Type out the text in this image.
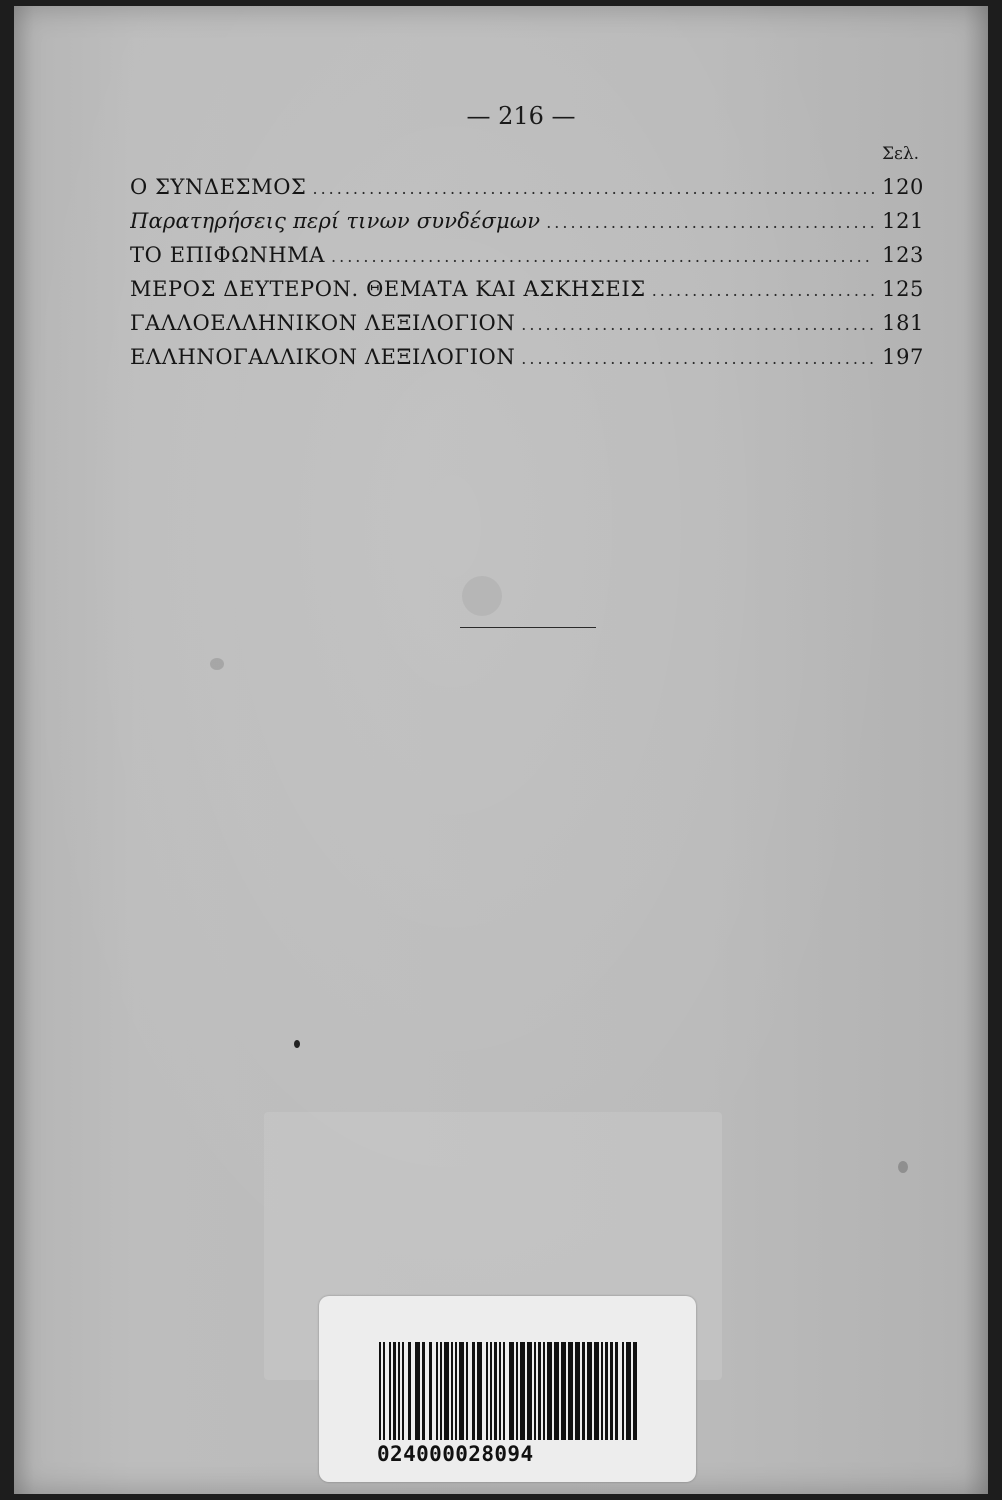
— 216 —
Σελ.
Ο ΣΥΝΔΕΣΜΟΣ .....	120
Παρατηρήσεις περί τινων συνδέσμων .....	121
ΤΟ ΕΠΙΦΩΝΗΜΑ .....	123
ΜΕΡΟΣ ΔΕΥΤΕΡΟΝ. ΘΕΜΑΤΑ ΚΑΙ ΑΣΚΗΣΕΙΣ .....	125
ΓΑΛΛΟΕΛΛΗΝΙΚΟΝ ΛΕΞΙΛΟΓΙΟΝ .....	181
ΕΛΛΗΝΟΓΑΛΛΙΚΟΝ ΛΕΞΙΛΟΓΙΟΝ .....	197
024000028094
